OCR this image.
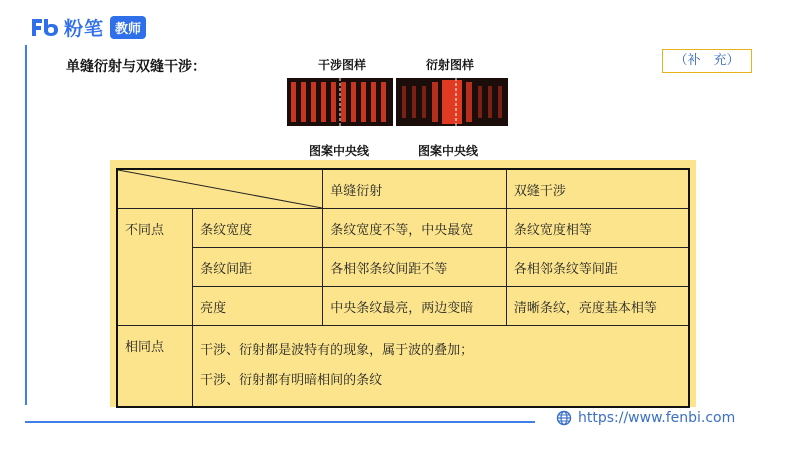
粉笔 教师
单缝衍射与双缝干涉：	（补　充）
干涉图样	衍射图样
图案中央线	图案中央线
	单缝衍射	双缝干涉
不同点	条纹宽度	条纹宽度不等，中央最宽	条纹宽度相等
	条纹间距	各相邻条纹间距不等	各相邻条纹等间距
	亮度	中央条纹最亮，两边变暗	清晰条纹，亮度基本相等
相同点	干涉、衍射都是波特有的现象，属于波的叠加；
干涉、衍射都有明暗相间的条纹		
https://www.fenbi.com
